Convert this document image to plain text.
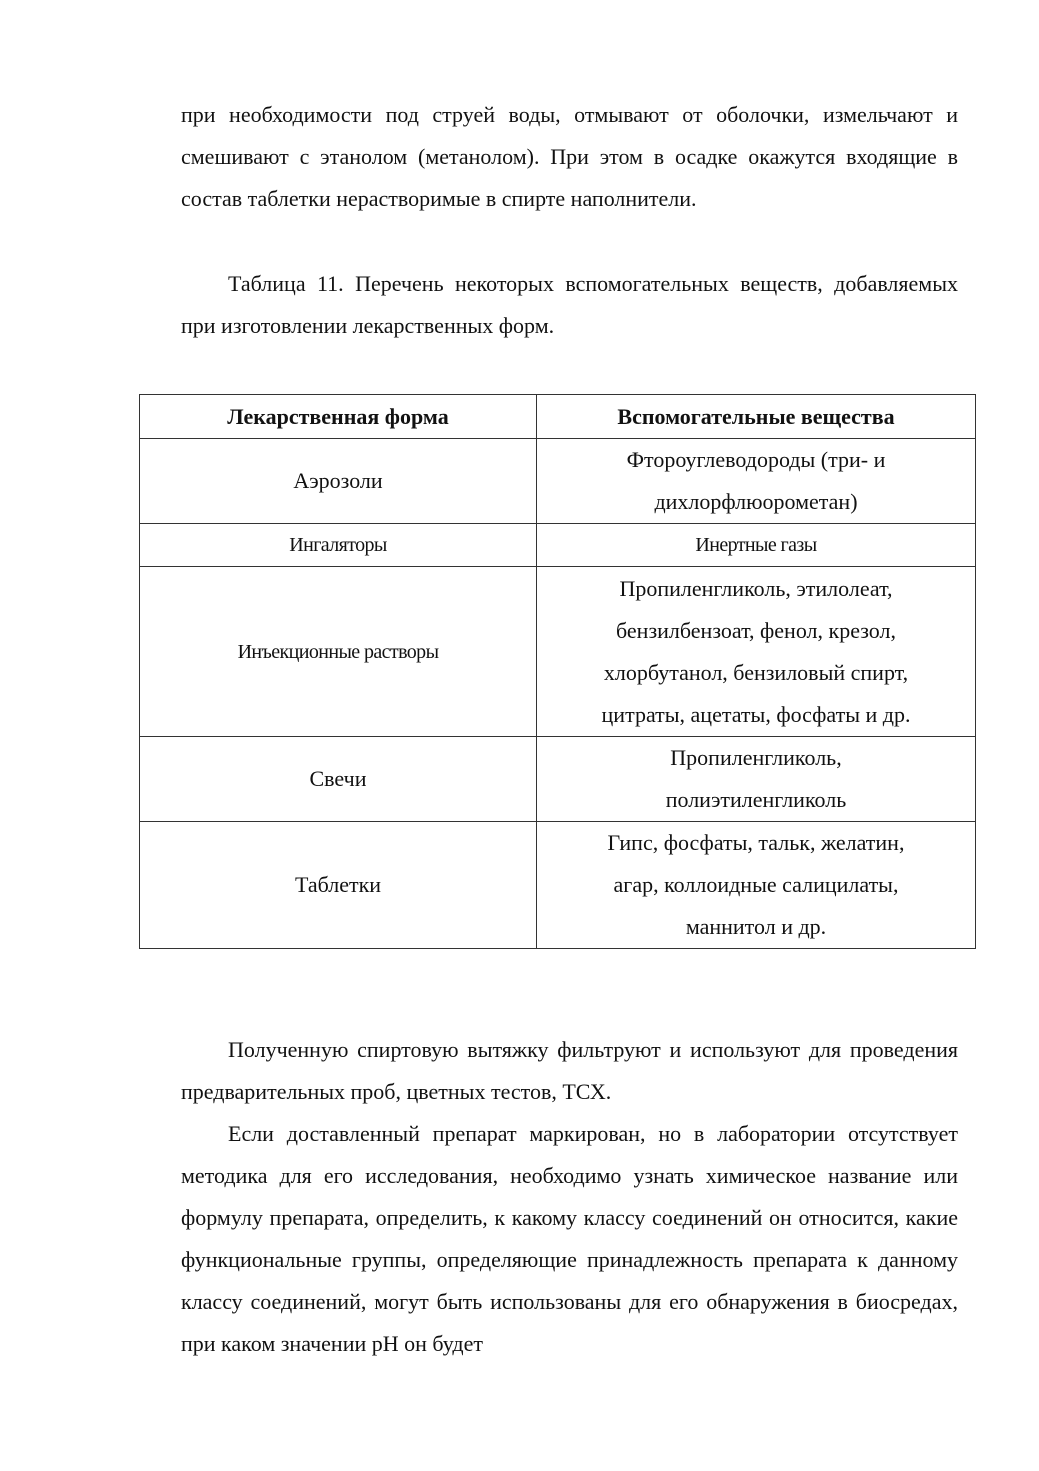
при необходимости под струей воды, отмывают от оболочки, измельчают и смешивают с этанолом (метанолом). При этом в осадке окажутся входящие в состав таблетки нерастворимые в спирте наполнители.

Таблица 11. Перечень некоторых вспомогательных веществ, добавляемых при изготовлении лекарственных форм.

Лекарственная форма	Вспомогательные вещества
Аэрозоли	Фтороуглеводороды (три- и
дихлорфлюорометан)

Ингаляторы	Инертные газы

Инъекционные растворы	Пропиленгликоль, этилолеат,
бензилбензоат, фенол, крезол,
хлорбутанол, бензиловый спирт,
цитраты, ацетаты, фосфаты и др.

Свечи	Пропиленгликоль,
полиэтиленгликоль

Таблетки	Гипс, фосфаты, тальк, желатин,
агар, коллоидные салицилаты,
маннитол и др.

Полученную спиртовую вытяжку фильтруют и используют для проведения предварительных проб, цветных тестов, ТСХ.

Если доставленный препарат маркирован, но в лаборатории отсутствует методика для его исследования, необходимо узнать химическое название или формулу препарата, определить, к какому классу соединений он относится, какие функциональные группы, определяющие принадлежность препарата к данному классу соединений, могут быть использованы для его обнаружения в биосредах, при каком значении pH он будет
